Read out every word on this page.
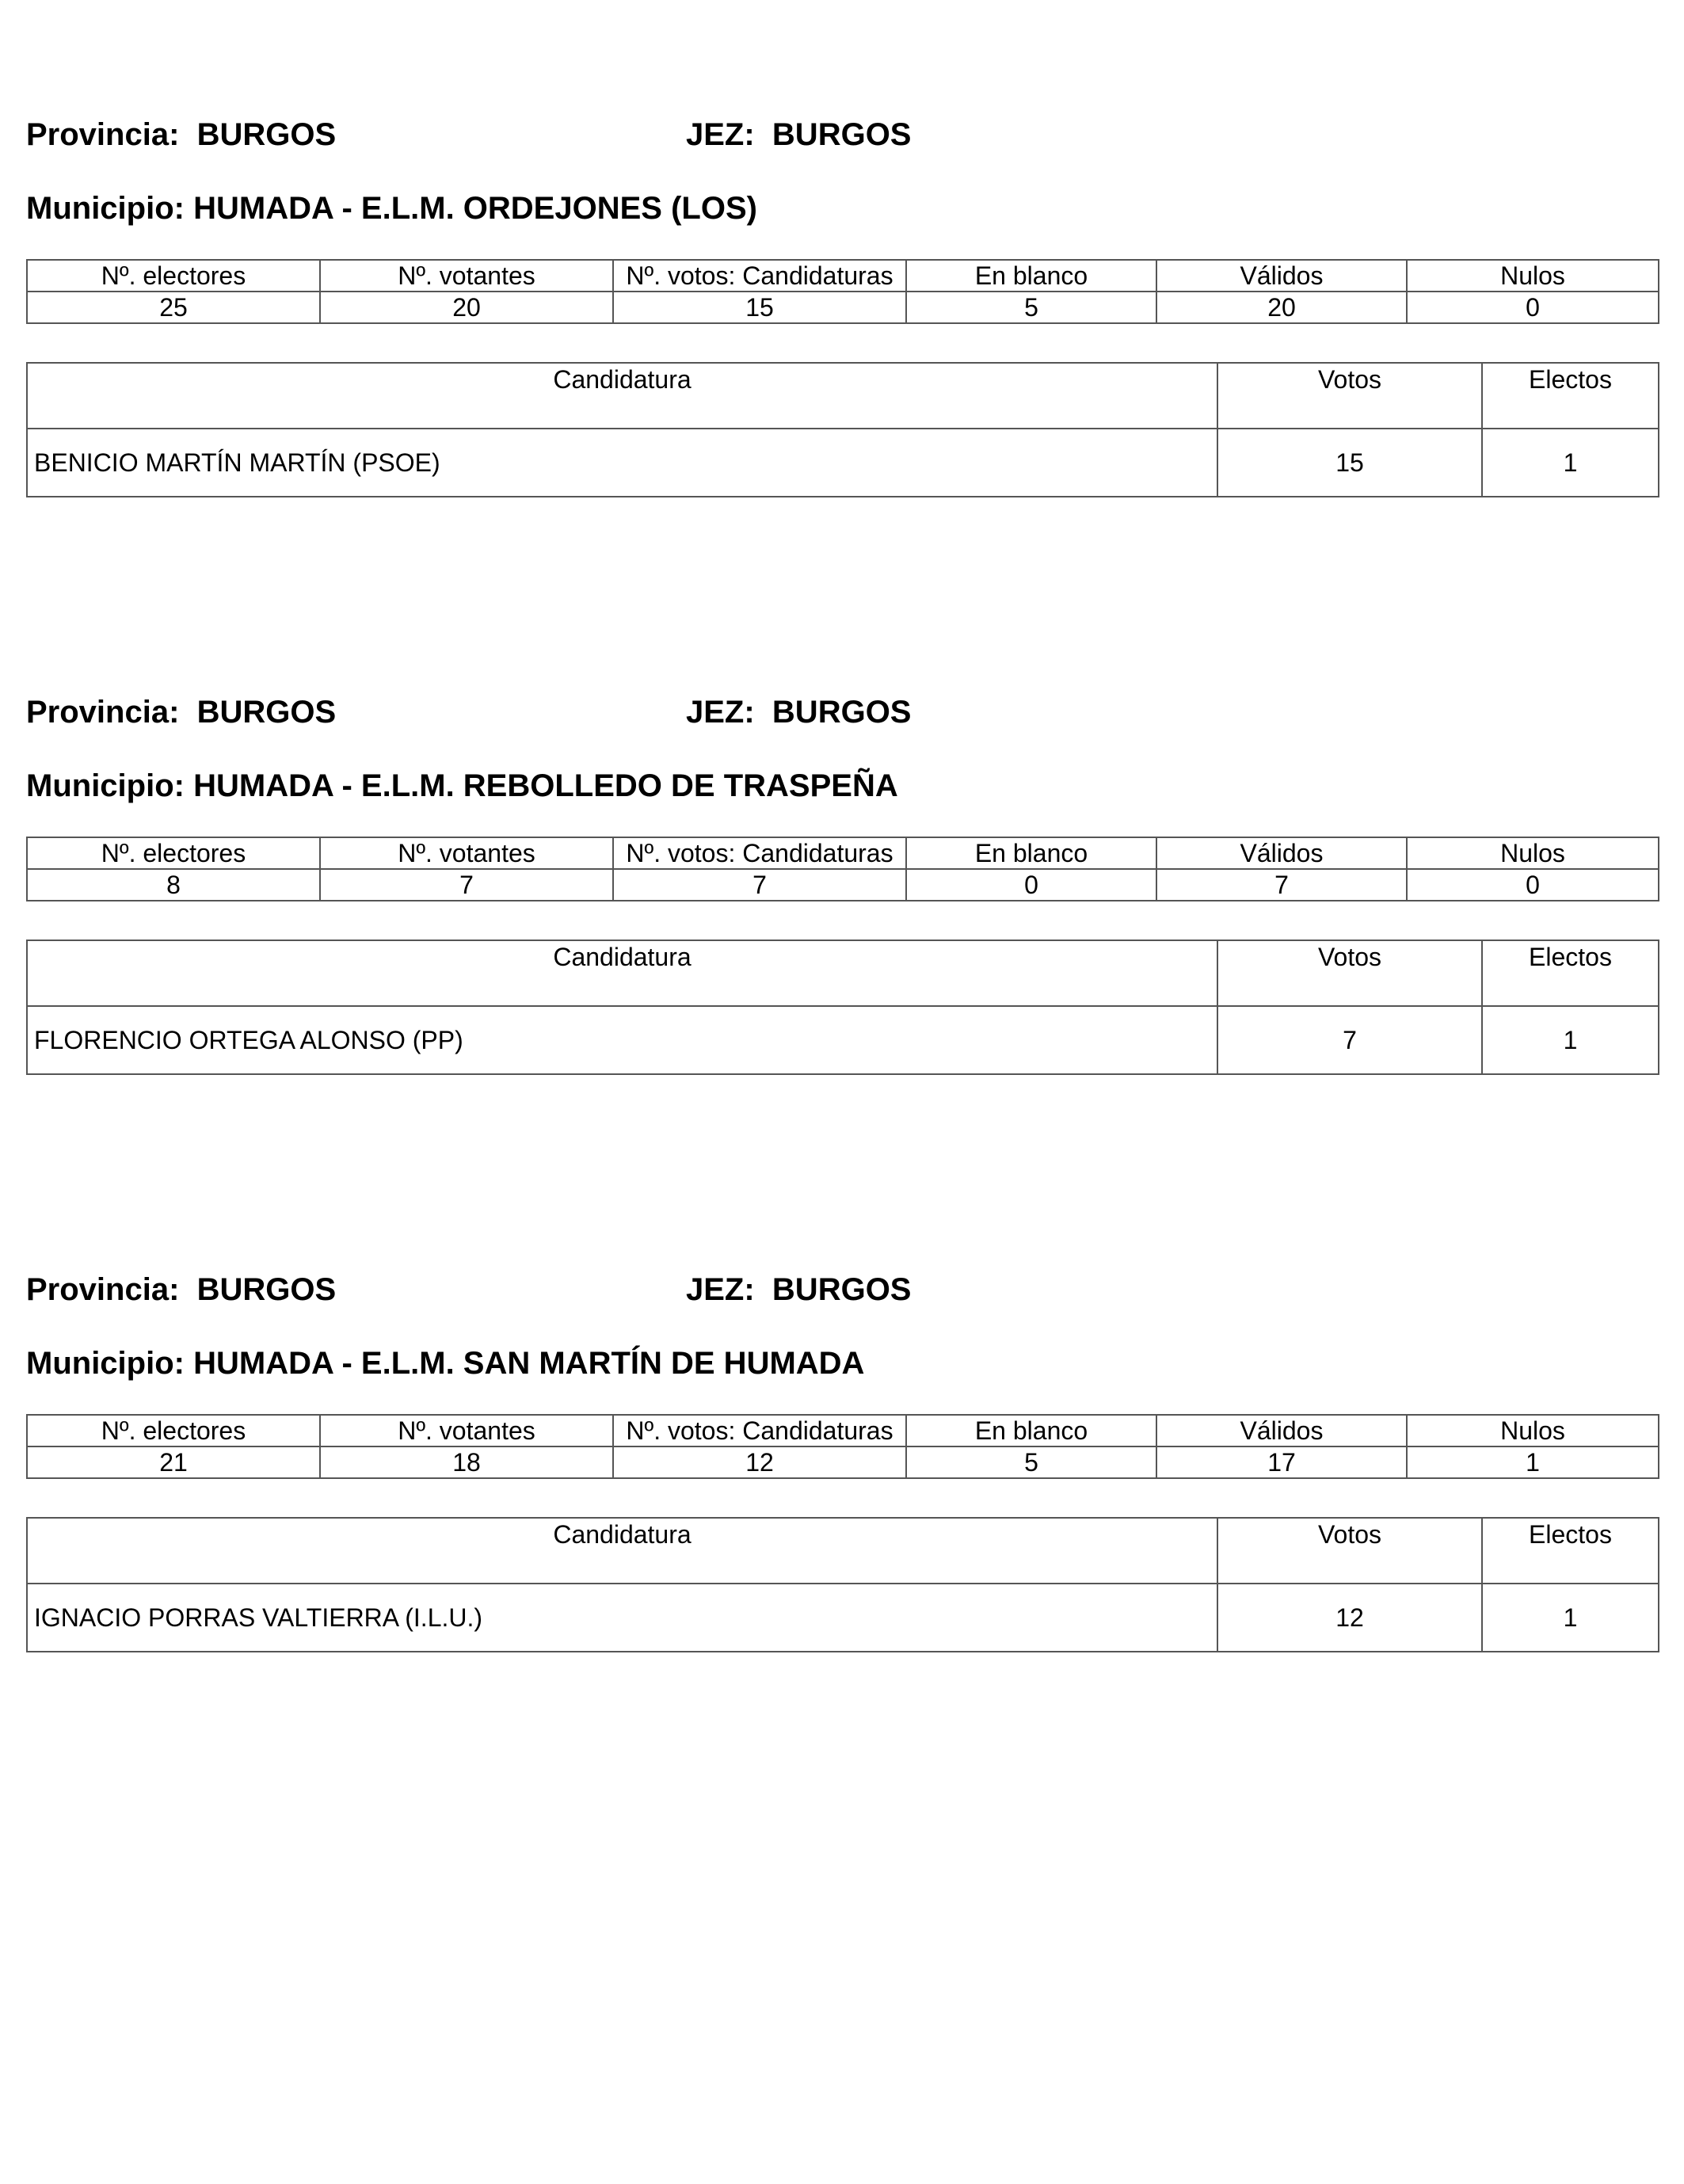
Provincia: BURGOS	JEZ: BURGOS
Municipio: HUMADA - E.L.M. ORDEJONES (LOS)
Nº. electores	Nº. votantes	Nº. votos: Candidaturas	En blanco	Válidos	Nulos
25	20	15	5	20	0
Candidatura	Votos	Electos
BENICIO MARTÍN MARTÍN (PSOE)	15	1
Provincia: BURGOS	JEZ: BURGOS
Municipio: HUMADA - E.L.M. REBOLLEDO DE TRASPEÑA
Nº. electores	Nº. votantes	Nº. votos: Candidaturas	En blanco	Válidos	Nulos
8	7	7	0	7	0
Candidatura	Votos	Electos
FLORENCIO ORTEGA ALONSO (PP)	7	1
Provincia: BURGOS	JEZ: BURGOS
Municipio: HUMADA - E.L.M. SAN MARTÍN DE HUMADA
Nº. electores	Nº. votantes	Nº. votos: Candidaturas	En blanco	Válidos	Nulos
21	18	12	5	17	1
Candidatura	Votos	Electos
IGNACIO PORRAS VALTIERRA (I.L.U.)	12	1
